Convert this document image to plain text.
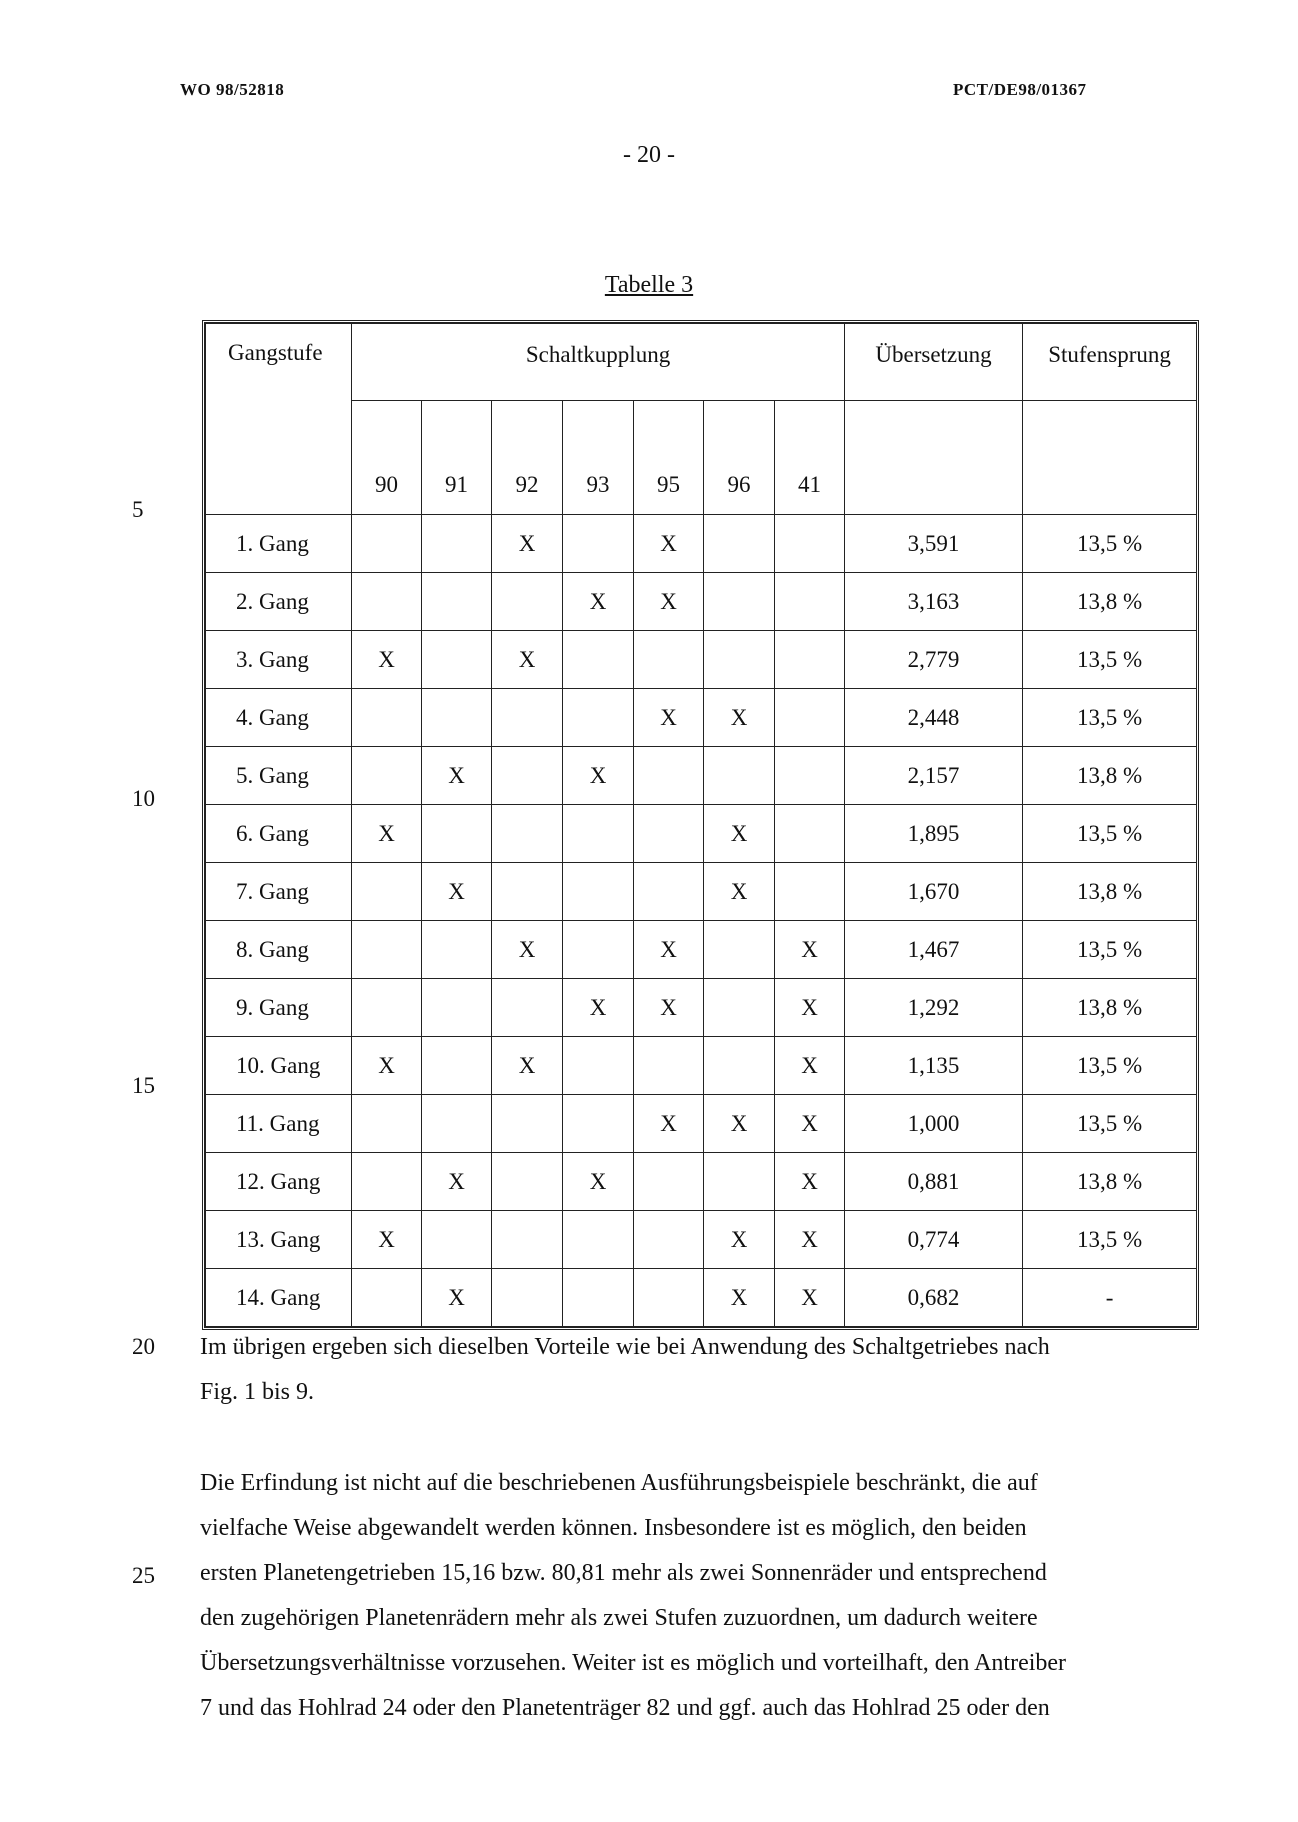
WO 98/52818	PCT/DE98/01367
- 20 -
Tabelle 3
Gangstufe	Schaltkupplung							Übersetzung	Stufensprung
	90	91	92	93	95	96	41		
1. Gang			X		X			3,591	13,5 %
2. Gang				X	X			3,163	13,8 %
3. Gang	X		X					2,779	13,5 %
4. Gang					X	X		2,448	13,5 %
5. Gang		X		X				2,157	13,8 %
6. Gang	X					X		1,895	13,5 %
7. Gang		X				X		1,670	13,8 %
8. Gang			X		X		X	1,467	13,5 %
9. Gang				X	X		X	1,292	13,8 %
10. Gang	X		X				X	1,135	13,5 %
11. Gang					X	X	X	1,000	13,5 %
12. Gang		X		X			X	0,881	13,8 %
13. Gang	X					X	X	0,774	13,5 %
14. Gang		X				X	X	0,682	-
5
10
15
20
25
Im übrigen ergeben sich dieselben Vorteile wie bei Anwendung des Schaltgetriebes nach
Fig. 1 bis 9.
Die Erfindung ist nicht auf die beschriebenen Ausführungsbeispiele beschränkt, die auf
vielfache Weise abgewandelt werden können. Insbesondere ist es möglich, den beiden
ersten Planetengetrieben 15,16 bzw. 80,81 mehr als zwei Sonnenräder und entsprechend
den zugehörigen Planetenrädern mehr als zwei Stufen zuzuordnen, um dadurch weitere
Übersetzungsverhältnisse vorzusehen. Weiter ist es möglich und vorteilhaft, den Antreiber
7 und das Hohlrad 24 oder den Planetenträger 82 und ggf. auch das Hohlrad 25 oder den
